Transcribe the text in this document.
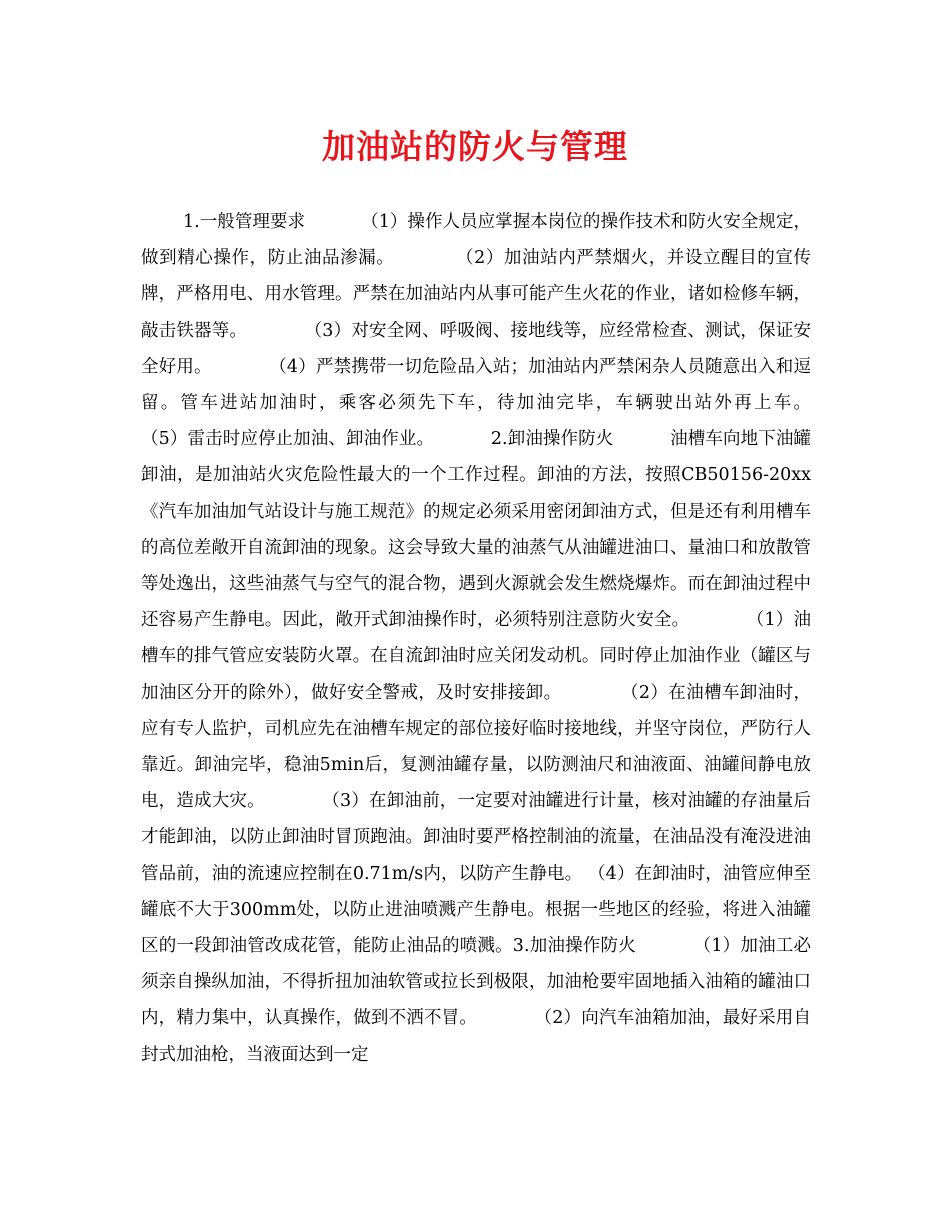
加油站的防火与管理
1.一般管理要求          （1）操作人员应掌握本岗位的操作技术和防火安全规定，做到精心操作，防止油品渗漏。          （2）加油站内严禁烟火，并设立醒目的宣传牌，严格用电、用水管理。严禁在加油站内从事可能产生火花的作业，诸如检修车辆，敲击铁器等。          （3）对安全网、呼吸阀、接地线等，应经常检查、测试，保证安全好用。          （4）严禁携带一切危险品入站；加油站内严禁闲杂人员随意出入和逗留。管车进站加油时，乘客必须先下车，待加油完毕，车辆驶出站外再上车。          （5）雷击时应停止加油、卸油作业。          2.卸油操作防火          油槽车向地下油罐卸油，是加油站火灾危险性最大的一个工作过程。卸油的方法，按照CB50156-20xx《汽车加油加气站设计与施工规范》的规定必须采用密闭卸油方式，但是还有利用槽车的高位差敞开自流卸油的现象。这会导致大量的油蒸气从油罐进油口、量油口和放散管等处逸出，这些油蒸气与空气的混合物，遇到火源就会发生燃烧爆炸。而在卸油过程中还容易产生静电。因此，敞开式卸油操作时，必须特别注意防火安全。          （1）油槽车的排气管应安装防火罩。在自流卸油时应关闭发动机。同时停止加油作业（罐区与加油区分开的除外），做好安全警戒，及时安排接卸。          （2）在油槽车卸油时，应有专人监护，司机应先在油槽车规定的部位接好临时接地线，并坚守岗位，严防行人靠近。卸油完毕，稳油5min后，复测油罐存量，以防测油尺和油液面、油罐间静电放电，造成大灾。          （3）在卸油前，一定要对油罐进行计量，核对油罐的存油量后才能卸油，以防止卸油时冒顶跑油。卸油时要严格控制油的流量，在油品没有淹没进油管品前，油的流速应控制在0.71m/s内，以防产生静电。 （4）在卸油时，油管应伸至罐底不大于300mm处，以防止进油喷溅产生静电。根据一些地区的经验，将进入油罐区的一段卸油管改成花管，能防止油品的喷溅。3.加油操作防火          （1）加油工必须亲自操纵加油，不得折扭加油软管或拉长到极限，加油枪要牢固地插入油箱的罐油口内，精力集中，认真操作，做到不洒不冒。          （2）向汽车油箱加油，最好采用自封式加油枪，当液面达到一定
